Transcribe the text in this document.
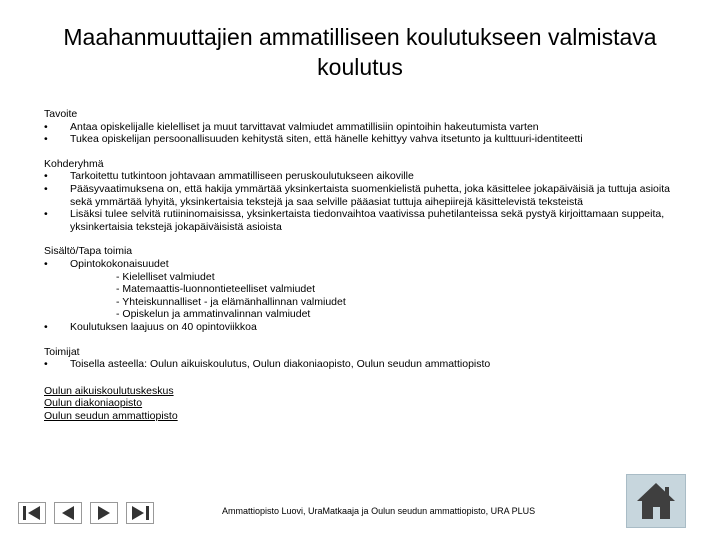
Maahanmuuttajien ammatilliseen koulutukseen valmistava koulutus
Tavoite
•	Antaa opiskelijalle kielelliset ja muut tarvittavat valmiudet ammatillisiin opintoihin hakeutumista varten
•	Tukea opiskelijan persoonallisuuden kehitystä siten, että hänelle kehittyy vahva itsetunto ja kulttuuri-identiteetti
Kohderyhmä
•	Tarkoitettu tutkintoon johtavaan ammatilliseen peruskoulutukseen aikoville
•	Pääsyvaatimuksena on, että hakija ymmärtää yksinkertaista suomenkielistä puhetta, joka käsittelee jokapäiväisiä ja tuttuja asioita sekä ymmärtää lyhyitä, yksinkertaisia tekstejä ja saa selville pääasiat tuttuja aihepiirejä käsittelevistä teksteistä
•	Lisäksi tulee selvitä rutiininomaisissa, yksinkertaista tiedonvaihtoa vaativissa puhetilanteissa sekä pystyä kirjoittamaan suppeita, yksinkertaisia tekstejä jokapäiväisistä asioista
Sisältö/Tapa toimia
•	Opintokokonaisuudet
- Kielelliset valmiudet
- Matemaattis-luonnontieteelliset valmiudet
- Yhteiskunnalliset - ja elämänhallinnan valmiudet
- Opiskelun ja ammatinvalinnan valmiudet
•	Koulutuksen laajuus on 40 opintoviikkoa
Toimijat
•	Toisella asteella: Oulun aikuiskoulutus, Oulun diakoniaopisto, Oulun seudun ammattiopisto
Oulun aikuiskoulutuskeskus
Oulun diakoniaopisto
Oulun seudun ammattiopisto
Ammattiopisto Luovi, UraMatkaaja ja Oulun seudun ammattiopisto, URA PLUS
